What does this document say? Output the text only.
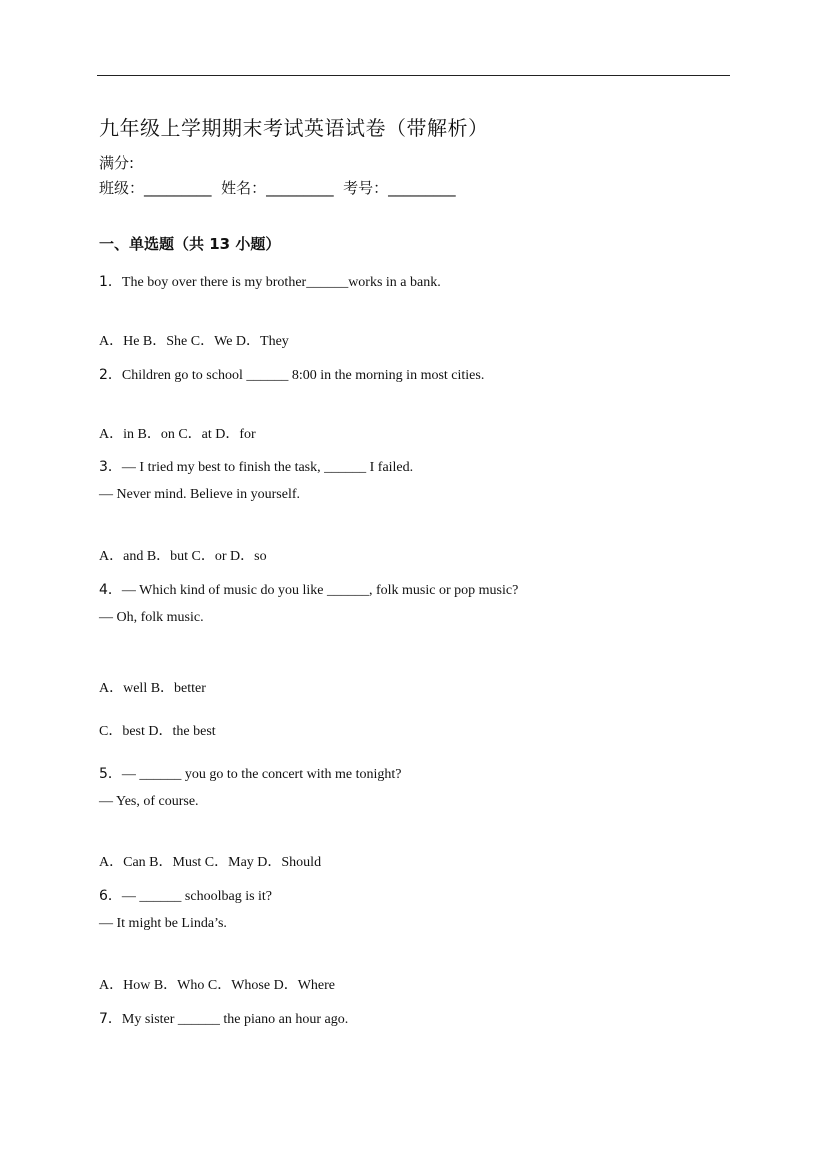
九年级上学期期末考试英语试卷（带解析）
满分:
班级：_________ 姓名：_________ 考号：_________
一、单选题（共 13 小题）
1．The boy over there is my brother______works in a bank.
A．He B．She C．We D．They
2．Children go to school ______ 8:00 in the morning in most cities.
A．in B．on C．at D．for
3．— I tried my best to finish the task, ______ I failed.
— Never mind. Believe in yourself.
A．and B．but C．or D．so
4．— Which kind of music do you like ______, folk music or pop music?
— Oh, folk music.
A．well B．better
C．best D．the best
5．— ______ you go to the concert with me tonight?
— Yes, of course.
A．Can B．Must C．May D．Should
6．— ______ schoolbag is it?
— It might be Linda’s.
A．How B．Who C．Whose D．Where
7．My sister ______ the piano an hour ago.
